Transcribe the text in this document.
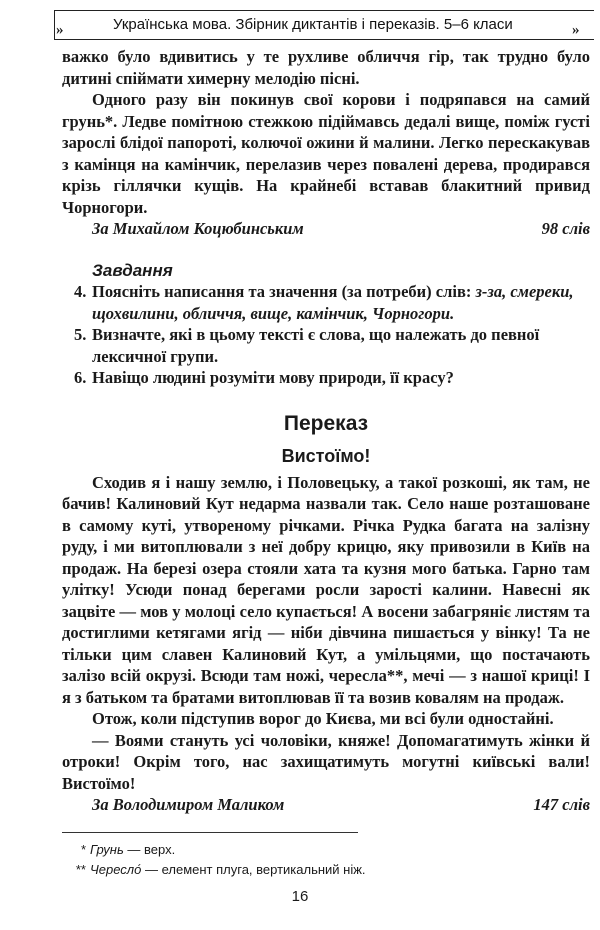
Українська мова. Збірник диктантів і переказів. 5–6 класи
»	»

важко було вдивитись у те рухливе обличчя гір, так трудно було дитині спіймати химерну мелодію пісні.

Одного разу він покинув свої корови і подряпався на самий грунь*. Ледве помітною стежкою підіймавсь дедалі вище, поміж густі зарослі блідої папороті, колючої ожини й малини. Легко перескакував з камінця на камінчик, перелазив через повалені дерева, продирався крізь гіллячки кущів. На крайнебі вставав блакитний привид Чорногори.

За Михайлом Коцюбинським	98 слів
Завдання
4. Поясніть написання та значення (за потреби) слів: з-за, смереки, щохвилини, обличчя, вище, камінчик, Чорногори.
5. Визначте, які в цьому тексті є слова, що належать до певної лексичної групи.
6. Навіщо людині розуміти мову природи, її красу?
Переказ
Вистоїмо!

Сходив я і нашу землю, і Половецьку, а такої розкоші, як там, не бачив! Калиновий Кут недарма назвали так. Село наше розташоване в самому куті, утвореному річками. Річка Рудка багата на залізну руду, і ми витоплювали з неї добру крицю, яку привозили в Київ на продаж. На березі озера стояли хата та кузня мого батька. Гарно там улітку! Усюди понад берегами росли зарості калини. Навесні як зацвіте — мов у молоці село купається! А восени забагряніє листям та достиглими кетягами ягід — ніби дівчина пишається у вінку! Та не тільки цим славен Калиновий Кут, а умільцями, що постачають залізо всій окрузі. Всюди там ножі, чересла**, мечі — з нашої криці! І я з батьком та братами витоплював її та возив ковалям на продаж.

Отож, коли підступив ворог до Києва, ми всі були одностайні.

— Воями стануть усі чоловіки, княже! Допомагатимуть жінки й отроки! Окрім того, нас захищатимуть могутні київські вали! Вистоїмо!

За Володимиром Маликом	147 слів
* Грунь — верх.
** Чересло́ — елемент плуга, вертикальний ніж.
16
